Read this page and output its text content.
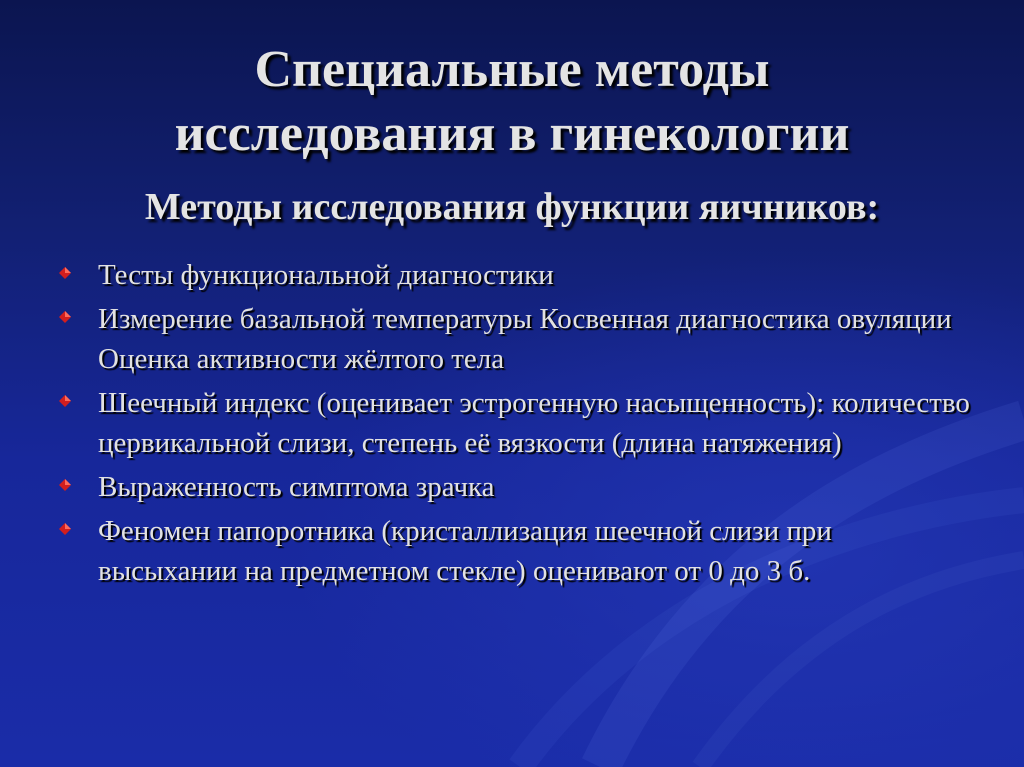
Специальные методы
исследования в гинекологии
Методы исследования функции яичников:
Тесты функциональной диагностики
Измерение базальной температуры Косвенная диагностика овуляции Оценка активности жёлтого тела
Шеечный индекс (оценивает эстрогенную насыщенность): количество цервикальной слизи, степень её вязкости (длина натяжения)
Выраженность симптома зрачка
Феномен папоротника (кристаллизация шеечной слизи при высыхании на предметном стекле) оценивают от 0 до 3 б.
